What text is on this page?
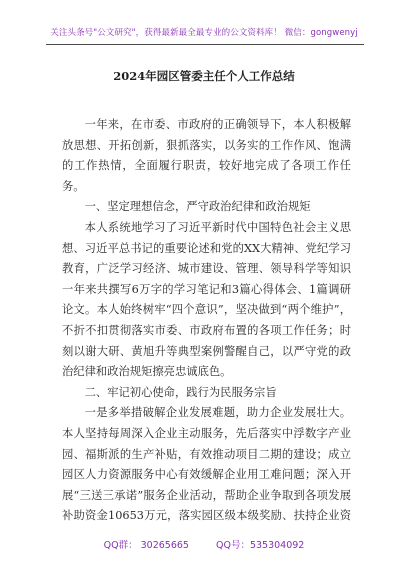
关注头条号"公文研究"，获得最新最全最专业的公文资料库！ 微信：gongwenyj
2024年园区管委主任个人工作总结

一年来，在市委、市政府的正确领导下，本人积极解放思想、开拓创新，狠抓落实，以务实的工作作风、饱满的工作热情，全面履行职责，较好地完成了各项工作任务。

一、坚定理想信念，严守政治纪律和政治规矩

本人系统地学习了习近平新时代中国特色社会主义思想、习近平总书记的重要论述和党的XX大精神、党纪学习教育，广泛学习经济、城市建设、管理、领导科学等知识一年来共撰写6万字的学习笔记和3篇心得体会、1篇调研论文。本人始终树牢“四个意识”，坚决做到“两个维护”，不折不扣贯彻落实市委、市政府布置的各项工作任务；时刻以谢大研、黄旭升等典型案例警醒自己，以严守党的政治纪律和政治规矩擦亮忠诚底色。

二、牢记初心使命，践行为民服务宗旨

一是多举措破解企业发展难题，助力企业发展壮大。本人坚持每周深入企业主动服务，先后落实中浮数字产业园、福斯派的生产补贴，有效推动项目二期的建设；成立园区人力资源服务中心有效缓解企业用工难问题；深入开展“三送三承诺”服务企业活动，帮助企业争取到各项发展补助资金10653万元，落实园区级本级奖励、扶持企业资

QQ群： 30265665	QQ号：535304092
